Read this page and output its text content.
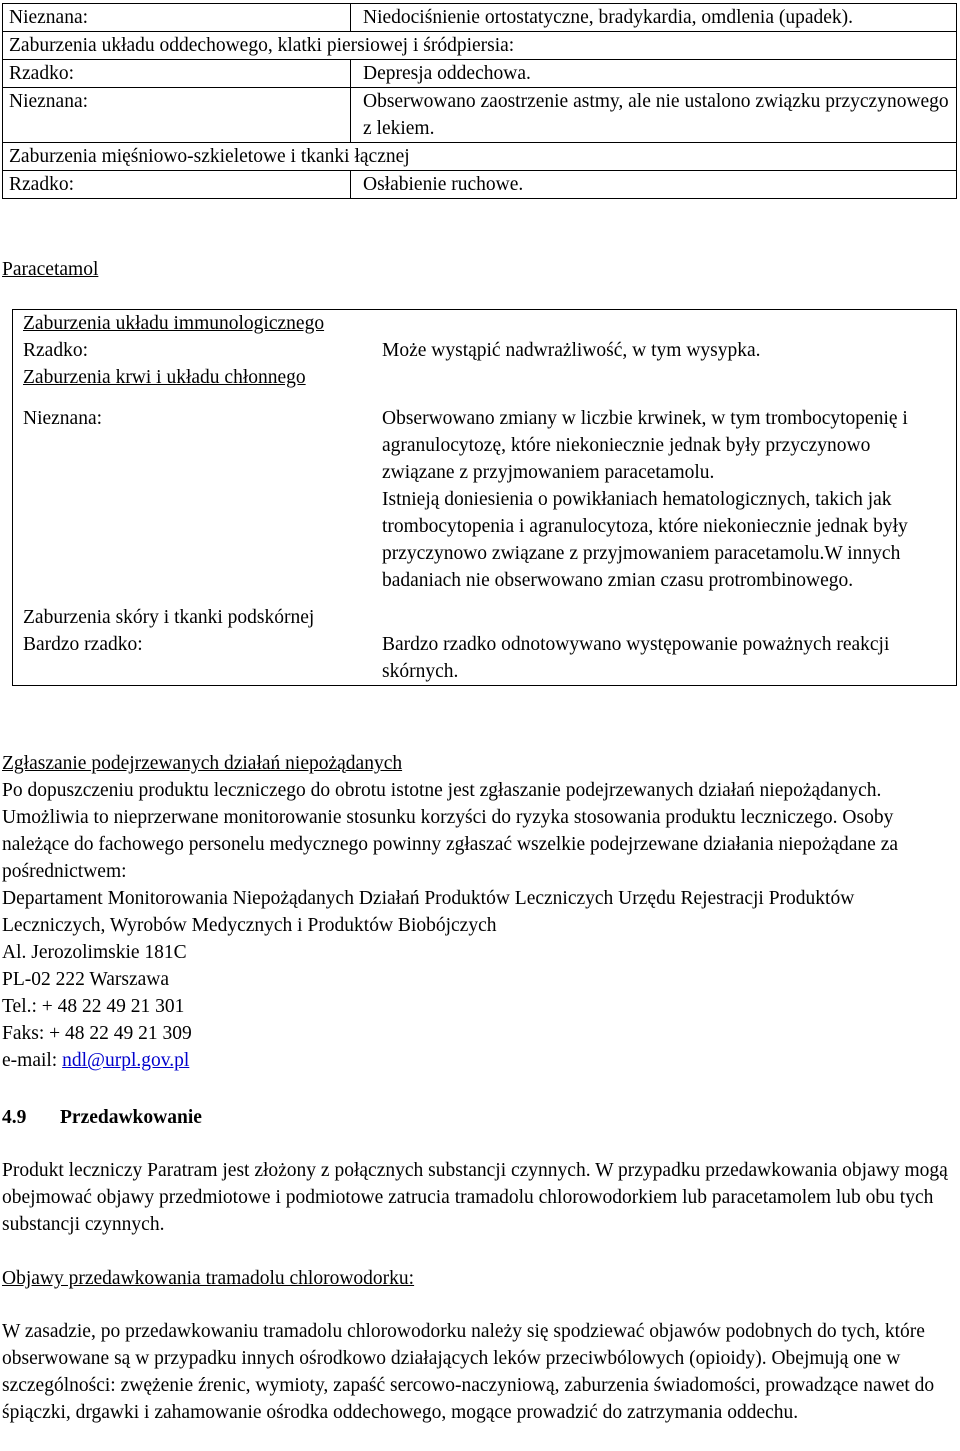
Nieznana:	Niedociśnienie ortostatyczne, bradykardia, omdlenia (upadek).
Zaburzenia układu oddechowego, klatki piersiowej i śródpiersia:	
Rzadko:	Depresja oddechowa.
Nieznana:	Obserwowano zaostrzenie astmy, ale nie ustalono związku przyczynowego z lekiem.
Zaburzenia mięśniowo-szkieletowe i tkanki łącznej	
Rzadko:	Osłabienie ruchowe.
Paracetamol
Zaburzenia układu immunologicznego	
Rzadko:	Może wystąpić nadwrażliwość, w tym wysypka.
Zaburzenia krwi i układu chłonnego	
Nieznana:	Obserwowano zmiany w liczbie krwinek, w tym trombocytopenię i agranulocytozę, które niekoniecznie jednak były przyczynowo związane z przyjmowaniem paracetamolu.
Istnieją doniesienia o powikłaniach hematologicznych, takich jak trombocytopenia i agranulocytoza, które niekoniecznie jednak były przyczynowo związane z przyjmowaniem paracetamolu.W innych badaniach nie obserwowano zmian czasu protrombinowego.

Zaburzenia skóry i tkanki podskórnej	
Bardzo rzadko:	Bardzo rzadko odnotowywano występowanie poważnych reakcji skórnych.
Zgłaszanie podejrzewanych działań niepożądanych
Po dopuszczeniu produktu leczniczego do obrotu istotne jest zgłaszanie podejrzewanych działań niepożądanych. Umożliwia to nieprzerwane monitorowanie stosunku korzyści do ryzyka stosowania produktu leczniczego. Osoby należące do fachowego personelu medycznego powinny zgłaszać wszelkie podejrzewane działania niepożądane za pośrednictwem:
Departament Monitorowania Niepożądanych Działań Produktów Leczniczych Urzędu Rejestracji Produktów Leczniczych, Wyrobów Medycznych i Produktów Biobójczych
Al. Jerozolimskie 181C
PL-02 222 Warszawa
Tel.: + 48 22 49 21 301
Faks: + 48 22 49 21 309
e-mail: ndl@urpl.gov.pl
4.9 Przedawkowanie
Produkt leczniczy Paratram jest złożony z połącznych substancji czynnych. W przypadku przedawkowania objawy mogą obejmować objawy przedmiotowe i podmiotowe zatrucia tramadolu chlorowodorkiem lub paracetamolem lub obu tych substancji czynnych.
Objawy przedawkowania tramadolu chlorowodorku:
W zasadzie, po przedawkowaniu tramadolu chlorowodorku należy się spodziewać objawów podobnych do tych, które obserwowane są w przypadku innych ośrodkowo działających leków przeciwbólowych (opioidy). Obejmują one w szczególności: zwężenie źrenic, wymioty, zapaść sercowo-naczyniową, zaburzenia świadomości, prowadzące nawet do śpiączki, drgawki i zahamowanie ośrodka oddechowego, mogące prowadzić do zatrzymania oddechu.
